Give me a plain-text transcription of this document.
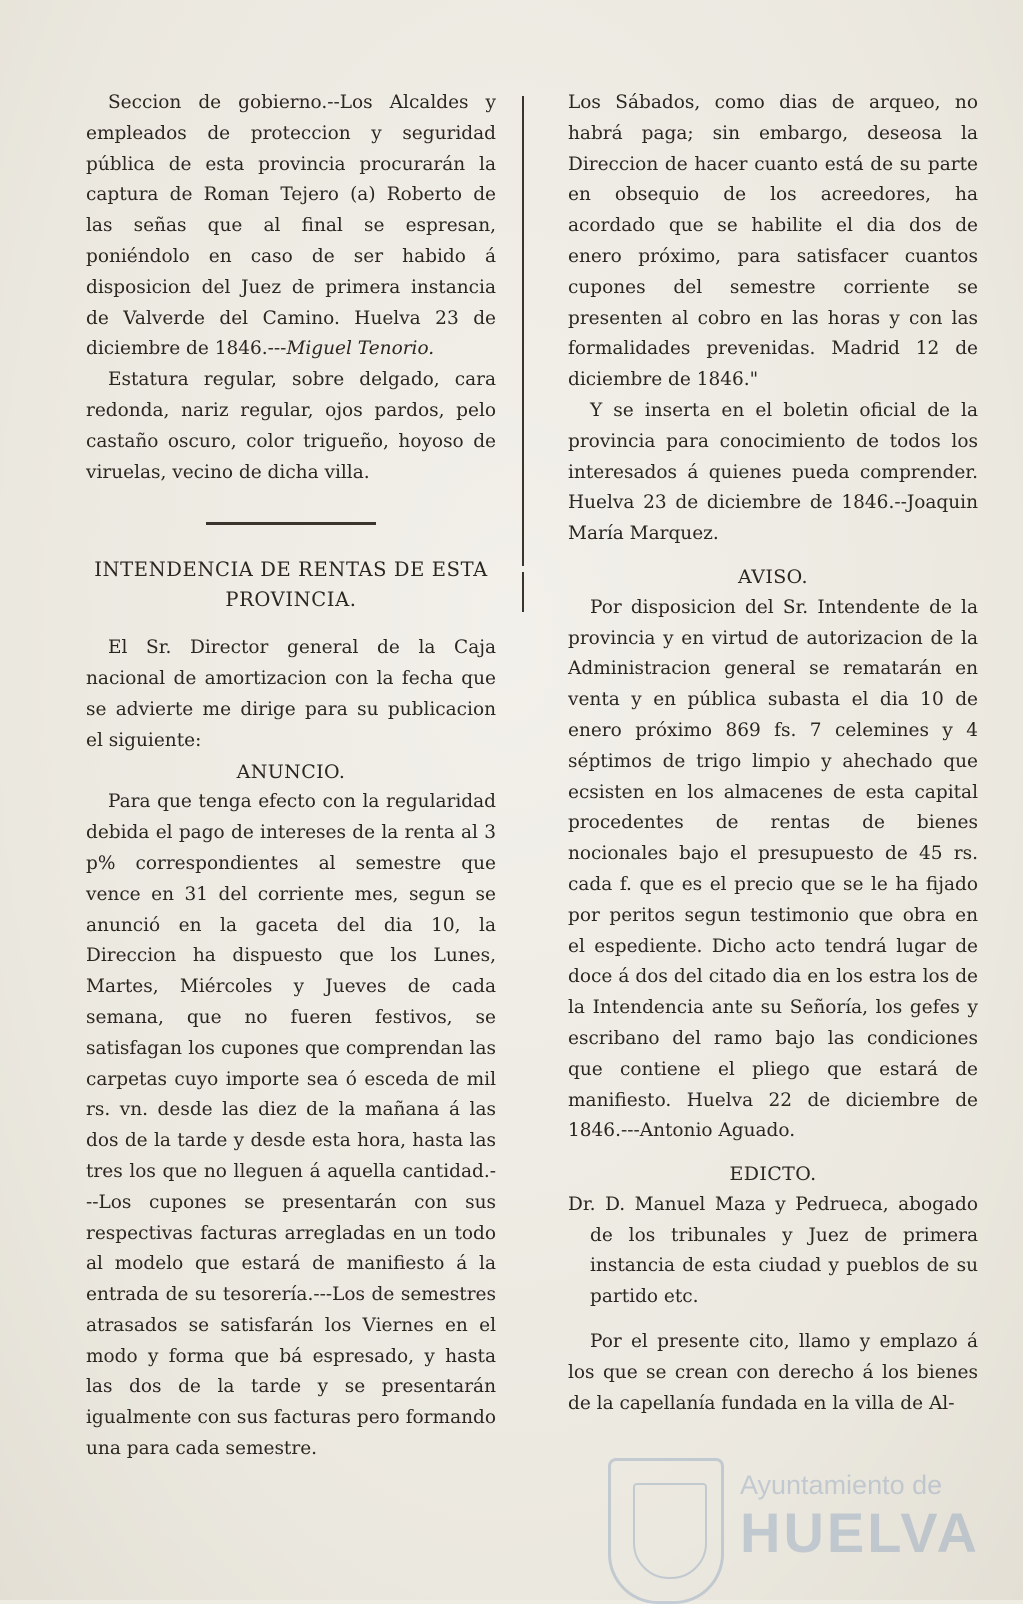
Seccion de gobierno.--Los Alcaldes y empleados de proteccion y seguridad pública de esta provincia procurarán la captura de Roman Tejero (a) Roberto de las señas que al final se espresan, poniéndolo en caso de ser habido á disposicion del Juez de primera instancia de Valverde del Camino. Huelva 23 de diciembre de 1846.---Miguel Tenorio.

Estatura regular, sobre delgado, cara redonda, nariz regular, ojos pardos, pelo castaño oscuro, color trigueño, hoyoso de viruelas, vecino de dicha villa.

INTENDENCIA DE RENTAS DE ESTA

PROVINCIA.

El Sr. Director general de la Caja nacional de amortizacion con la fecha que se advierte me dirige para su publicacion el siguiente:

ANUNCIO.

Para que tenga efecto con la regularidad debida el pago de intereses de la renta al 3 p% correspondientes al semestre que vence en 31 del corriente mes, segun se anunció en la gaceta del dia 10, la Direccion ha dispuesto que los Lunes, Martes, Miércoles y Jueves de cada semana, que no fueren festivos, se satisfagan los cupones que comprendan las carpetas cuyo importe sea ó esceda de mil rs. vn. desde las diez de la mañana á las dos de la tarde y desde esta hora, hasta las tres los que no lleguen á aquella cantidad.---Los cupones se presentarán con sus respectivas facturas arregladas en un todo al modelo que estará de manifiesto á la entrada de su tesorería.---Los de semestres atrasados se satisfarán los Viernes en el modo y forma que bá espresado, y hasta las dos de la tarde y se presentarán igualmente con sus facturas pero formando una para cada semestre.

Los Sábados, como dias de arqueo, no habrá paga; sin embargo, deseosa la Direccion de hacer cuanto está de su parte en obsequio de los acreedores, ha acordado que se habilite el dia dos de enero próximo, para satisfacer cuantos cupones del semestre corriente se presenten al cobro en las horas y con las formalidades prevenidas. Madrid 12 de diciembre de 1846."

Y se inserta en el boletin oficial de la provincia para conocimiento de todos los interesados á quienes pueda comprender. Huelva 23 de diciembre de 1846.--Joaquin María Marquez.

AVISO.

Por disposicion del Sr. Intendente de la provincia y en virtud de autorizacion de la Administracion general se rematarán en venta y en pública subasta el dia 10 de enero próximo 869 fs. 7 celemines y 4 séptimos de trigo limpio y ahechado que ecsisten en los almacenes de esta capital procedentes de rentas de bienes nocionales bajo el presupuesto de 45 rs. cada f. que es el precio que se le ha fijado por peritos segun testimonio que obra en el espediente. Dicho acto tendrá lugar de doce á dos del citado dia en los estra los de la Intendencia ante su Señoría, los gefes y escribano del ramo bajo las condiciones que contiene el pliego que estará de manifiesto. Huelva 22 de diciembre de 1846.---Antonio Aguado.

EDICTO.

Dr. D. Manuel Maza y Pedrueca, abogado de los tribunales y Juez de primera instancia de esta ciudad y pueblos de su partido etc.

Por el presente cito, llamo y emplazo á los que se crean con derecho á los bienes de la capellanía fundada en la villa de Al-

Ayuntamiento de
HUELVA
